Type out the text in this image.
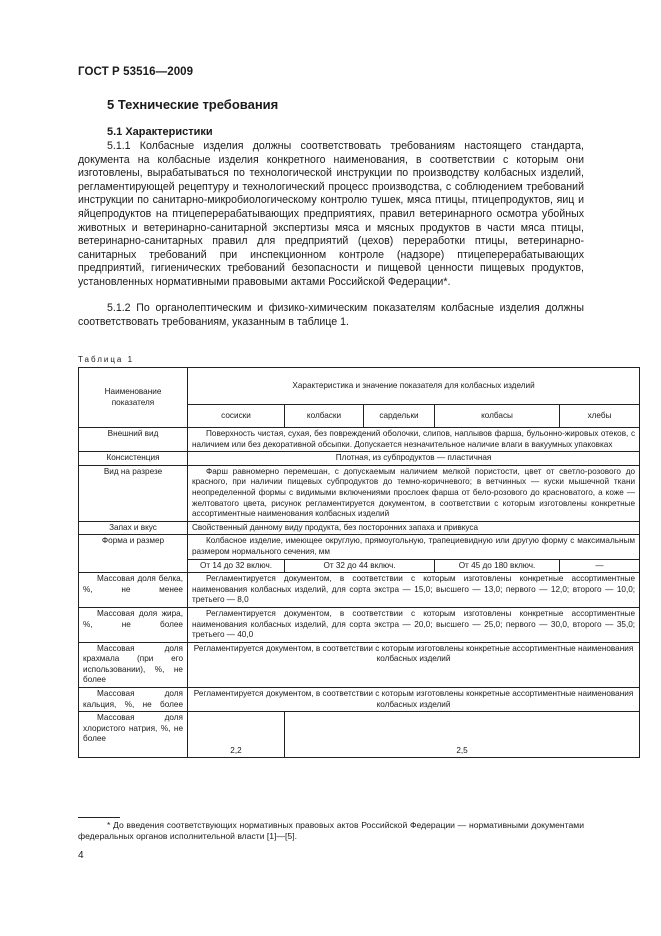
ГОСТ Р 53516—2009
5 Технические требования
5.1 Характеристики

5.1.1 Колбасные изделия должны соответствовать требованиям настоящего стандарта, документа на колбасные изделия конкретного наименования, в соответствии с которым они изготовлены, вырабатываться по технологической инструкции по производству колбасных изделий, регламентирующей рецептуру и технологический процесс производства, с соблюдением требований инструкции по санитарно-микробиологическому контролю тушек, мяса птицы, птицепродуктов, яиц и яйцепродуктов на птицеперерабатывающих предприятиях, правил ветеринарного осмотра убойных животных и ветеринарно-санитарной экспертизы мяса и мясных продуктов в части мяса птицы, ветеринарно-санитарных правил для предприятий (цехов) переработки птицы, ветеринарно-санитарных требований при инспекционном контроле (надзоре) птицеперерабатывающих предприятий, гигиенических требований безопасности и пищевой ценности пищевых продуктов, установленных нормативными правовыми актами Российской Федерации*.

5.1.2 По органолептическим и физико-химическим показателям колбасные изделия должны соответствовать требованиям, указанным в таблице 1.

Таблица 1
Наименование показателя	Характеристика и значение показателя для колбасных изделий				
	сосиски	колбаски	сардельки	колбасы	хлебы
Внешний вид	Поверхность чистая, сухая, без повреждений оболочки, слипов, наплывов фарша, бульонно-жировых отеков, с наличием или без декоративной обсыпки. Допускается незначительное наличие влаги в вакуумных упаковках				
Консистенция	Плотная, из субпродуктов — пластичная				
Вид на разрезе	Фарш равномерно перемешан, с допускаемым наличием мелкой пористости, цвет от светло-розового до красного, при наличии пищевых субпродуктов до темно-коричневого; в ветчинных — куски мышечной ткани неопределенной формы с видимыми включениями прослоек фарша от бело-розового до красноватого, а коже — желтоватого цвета, рисунок регламентируется документом, в соответствии с которым изготовлены конкретные ассортиментные наименования колбасных изделий				
Запах и вкус	Свойственный данному виду продукта, без посторонних запаха и привкуса				
Форма и размер	Колбасное изделие, имеющее округлую, прямоугольную, трапециевидную или другую форму с максимальным размером нормального сечения, мм				
	От 14 до 32 включ.	От 32 до 44 включ.		От 45 до 180 включ.	—
Массовая доля белка, %, не менее	Регламентируется документом, в соответствии с которым изготовлены конкретные ассортиментные наименования колбасных изделий, для сорта экстра — 15,0; высшего — 13,0; первого — 12,0; второго — 10,0; третьего — 8,0				
Массовая доля жира, %, не более	Регламентируется документом, в соответствии с которым изготовлены конкретные ассортиментные наименования колбасных изделий, для сорта экстра — 20,0; высшего — 25,0; первого — 30,0, второго — 35,0; третьего — 40,0				
Массовая доля крахмала (при его использовании), %, не более	Регламентируется документом, в соответствии с которым изготовлены конкретные ассортиментные наименования колбасных изделий				
Массовая доля кальция, %, не более	Регламентируется документом, в соответствии с которым изготовлены конкретные ассортиментные наименования колбасных изделий				
Массовая доля хлористого натрия, %, не более	2,2	2,5			
* До введения соответствующих нормативных правовых актов Российской Федерации — нормативными документами федеральных органов исполнительной власти [1]—[5].
4
